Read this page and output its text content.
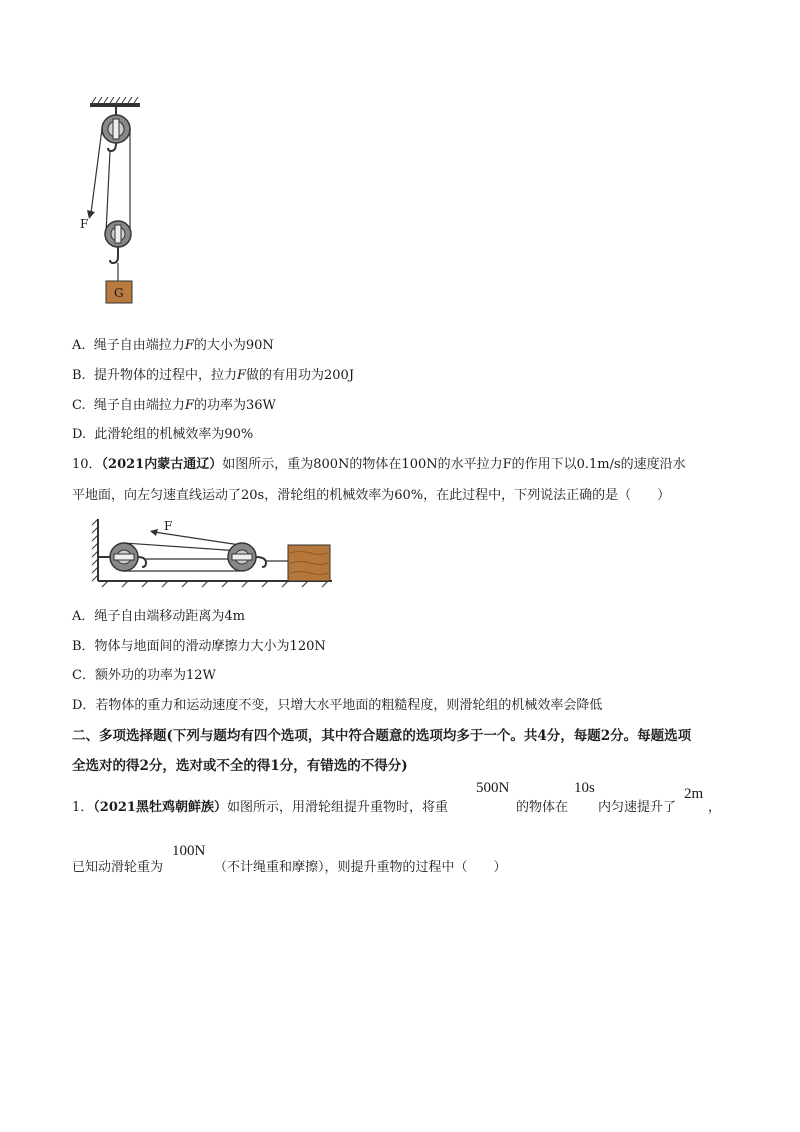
F
G
A. 绳子自由端拉力F的大小为90N
B. 提升物体的过程中，拉力F做的有用功为200J
C. 绳子自由端拉力F的功率为36W
D. 此滑轮组的机械效率为90%
10．（2021内蒙古通辽）如图所示，重为800N的物体在100N的水平拉力F的作用下以0.1m/s的速度沿水
平地面，向左匀速直线运动了20s，滑轮组的机械效率为60%，在此过程中，下列说法正确的是（　　）
F
A．绳子自由端移动距离为4m
B．物体与地面间的滑动摩擦力大小为120N
C．额外功的功率为12W
D．若物体的重力和运动速度不变，只增大水平地面的粗糙程度，则滑轮组的机械效率会降低
二、多项选择题(下列与题均有四个选项，其中符合题意的选项均多于一个。共4分，每题2分。每题选项
全选对的得2分，选对或不全的得1分，有错选的不得分)
1．（2021黑牡鸡朝鲜族）如图所示，用滑轮组提升重物时，将重
500N
的物体在
10s
内匀速提升了
2m
，
已知动滑轮重为
100N
（不计绳重和摩擦），则提升重物的过程中（　　）
